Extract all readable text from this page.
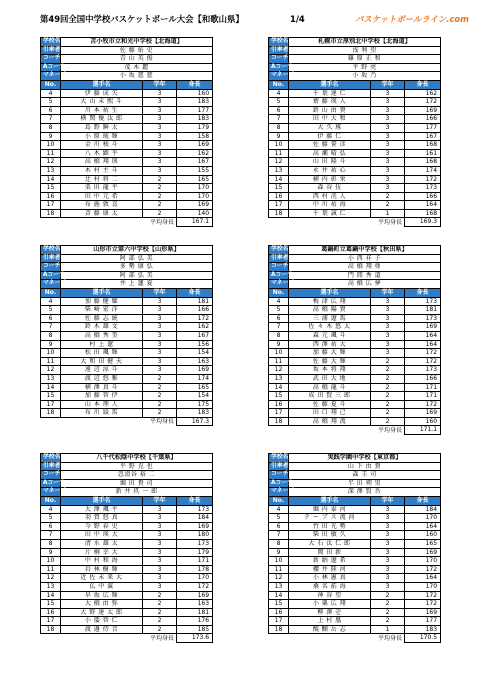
第49回全国中学校バスケットボール大会【和歌山県】	1/4	バスケットボールライン.com
学校名	苫小牧市立和光中学校【北海道】		
引率者	佐 藤 佑 史		
コーチ	青 山 英 俊		
Aコーチ	茂 木 麗		
マネージャー	小 坂 慈 慈		
No.	選手名	学年	身長
4	伊 藤 成 矢	3	160
5	大 山 未 熙 斗	3	183
6	川 本 祐 生	3	177
7	横 関 優 汰 郎	3	183
8	島 野 瞬 太	3	179
9	小 原 琉 輝	3	158
10	金 川 稜 斗	3	169
11	八 木 顕 平	3	162
12	高 橋 翔 瑛	3	167
13	木 村 主 斗	3	155
14	辻 村 将 二	2	165
15	栗 田 龍 平	2	170
16	田 中 元 希	2	170
17	布 施 敦 喜	2	169
18	斉 藤 康 太	2	140
		平均身長	167.1
学校名	札幌市立厚別北中学校【北海道】		
引率者	浅 利 望		
コーチ	篠 原 正 和		
Aコーチ	平 野 亮		
マネージャー	小 坂 乃		
No.	選手名	学年	身長
4	千 葉 達 仁	3	162
5	齋 藤 瑛 人	3	172
6	鈴 山 由 貴	3	169
7	田 中 大 和	3	166
8	大 久 琢	3	177
9	伊 藤 仁	3	167
10	佐 藤 誓 彦	3	168
11	高 瀬 晴 弘	3	161
12	山 田 隆 斗	3	168
13	永 井 祐 心	3	174
14	横 内 彰 栄	3	172
15	森 谷 伍	3	173
16	西 村 洸 人	2	166
17	中 川 祐 海	2	164
18	千 葉 誠 仁	1	168
		平均身長	169.3
学校名	山形市立第六中学校【山形県】		
引率者	阿 部 弘 美		
コーチ	多 勢 康 弘		
Aコーチ	阿 部 弘 美		
マネージャー	井 上 蓮 夏		
No.	選手名	学年	身長
4	加 藤 健 耀	3	181
5	柴 崎 宏 洋	3	166
6	佐 藤 志 統	3	172
7	鈴 木 雄 文	3	162
8	高 橋 秀 奎	3	167
9	村 上 遼	3	156
10	松 田 颯 輝	3	154
11	大 和 田 健 天	3	163
12	遠 辺 涼 斗	3	169
13	渡 辺 悠 雅	2	174
14	横 澤 真 斗	2	165
15	加 藤 智 伊	2	154
17	山 本 理 人	2	175
18	布 川 綾 馬	2	183
		平均身長	167.3
学校名	葛鍋町立葛鍋中学校【秋田県】		
引率者	小 西 祥 子		
コーチ	高 橋 翔 亜		
Aコーチ	門 間 秀 道		
マネージャー	高 橋 広 夢		
No.	選手名	学年	身長
4	梅 津 広 翔	3	173
5	高 橋 陽 貴	3	181
6	三 浦 遼 馬	3	173
7	佐 々 木 悠 太	3	169
8	森 元 颯 斗	3	164
9	西 澤 祐 大	3	164
10	加 藤 大 輝	3	172
11	佐 藤 大 輝	2	172
12	坂 本 将 翔	2	173
13	武 田 大 地	2	166
14	高 橋 龍 斗	2	171
15	成 田 賢 三 郎	2	171
16	佐 藤 夏 斗	2	172
17	田 口 翔 己	2	169
18	高 橋 翔 流	2	160
		平均身長	171.1
学校名	八千代松陰中学校【千葉県】		
引率者	平 野 克 也		
コーチ	忽滑谷 裕 二		
Aコーチ	堀 田 貴 司		
マネージャー	新 井 玖 一 郎		
No.	選手名	学年	身長
4	大 澤 颯 平	3	173
5	羽 賀 悠 真	3	184
6	今 野 春 史	3	169
7	田 中 瑛 大	3	180
8	清 水 雄 太	3	173
9	片 桐 幸 大	3	179
10	中 村 和 海	3	171
11	岩 林 樹 輝	3	178
12	近 佐 未 来 大	3	170
13	仏 中 翼	3	172
14	早 坂 広 輝	2	169
15	大 橋 由 弥	2	163
16	大 野 達 太 郎	2	181
17	小 倭 智 仁	2	176
18	渡 邊 侍 音	2	185
		平均身長	173.6
学校名	実践学園中学校【東京都】		
引率者	山 下 由 貴		
コーチ	森 圭 司		
Aコーチ	半 田 朔 男		
マネージャー	深 澤 賢 吾		
No.	選手名	学年	身長
4	堀 内 泰 河	3	184
5	テ ー ブ ス 流 河	3	170
6	竹 田 光 勢	3	164
7	柴 田 敏 久	3	160
8	大 石 汰 仁 郎	3	165
9	岡 田 新	3	169
10	新 納 遼 希	3	170
11	櫻 井 陸 河	3	172
12	小 林 憲 真	3	164
13	桑 名 拓 海	3	170
14	神 谷 望	2	172
15	小 粟 広 翔	2	172
16	柳 澤 壱	2	169
17	上 村 凰	2	177
18	醍 醐 岳 志	1	183
		平均身長	170.5
